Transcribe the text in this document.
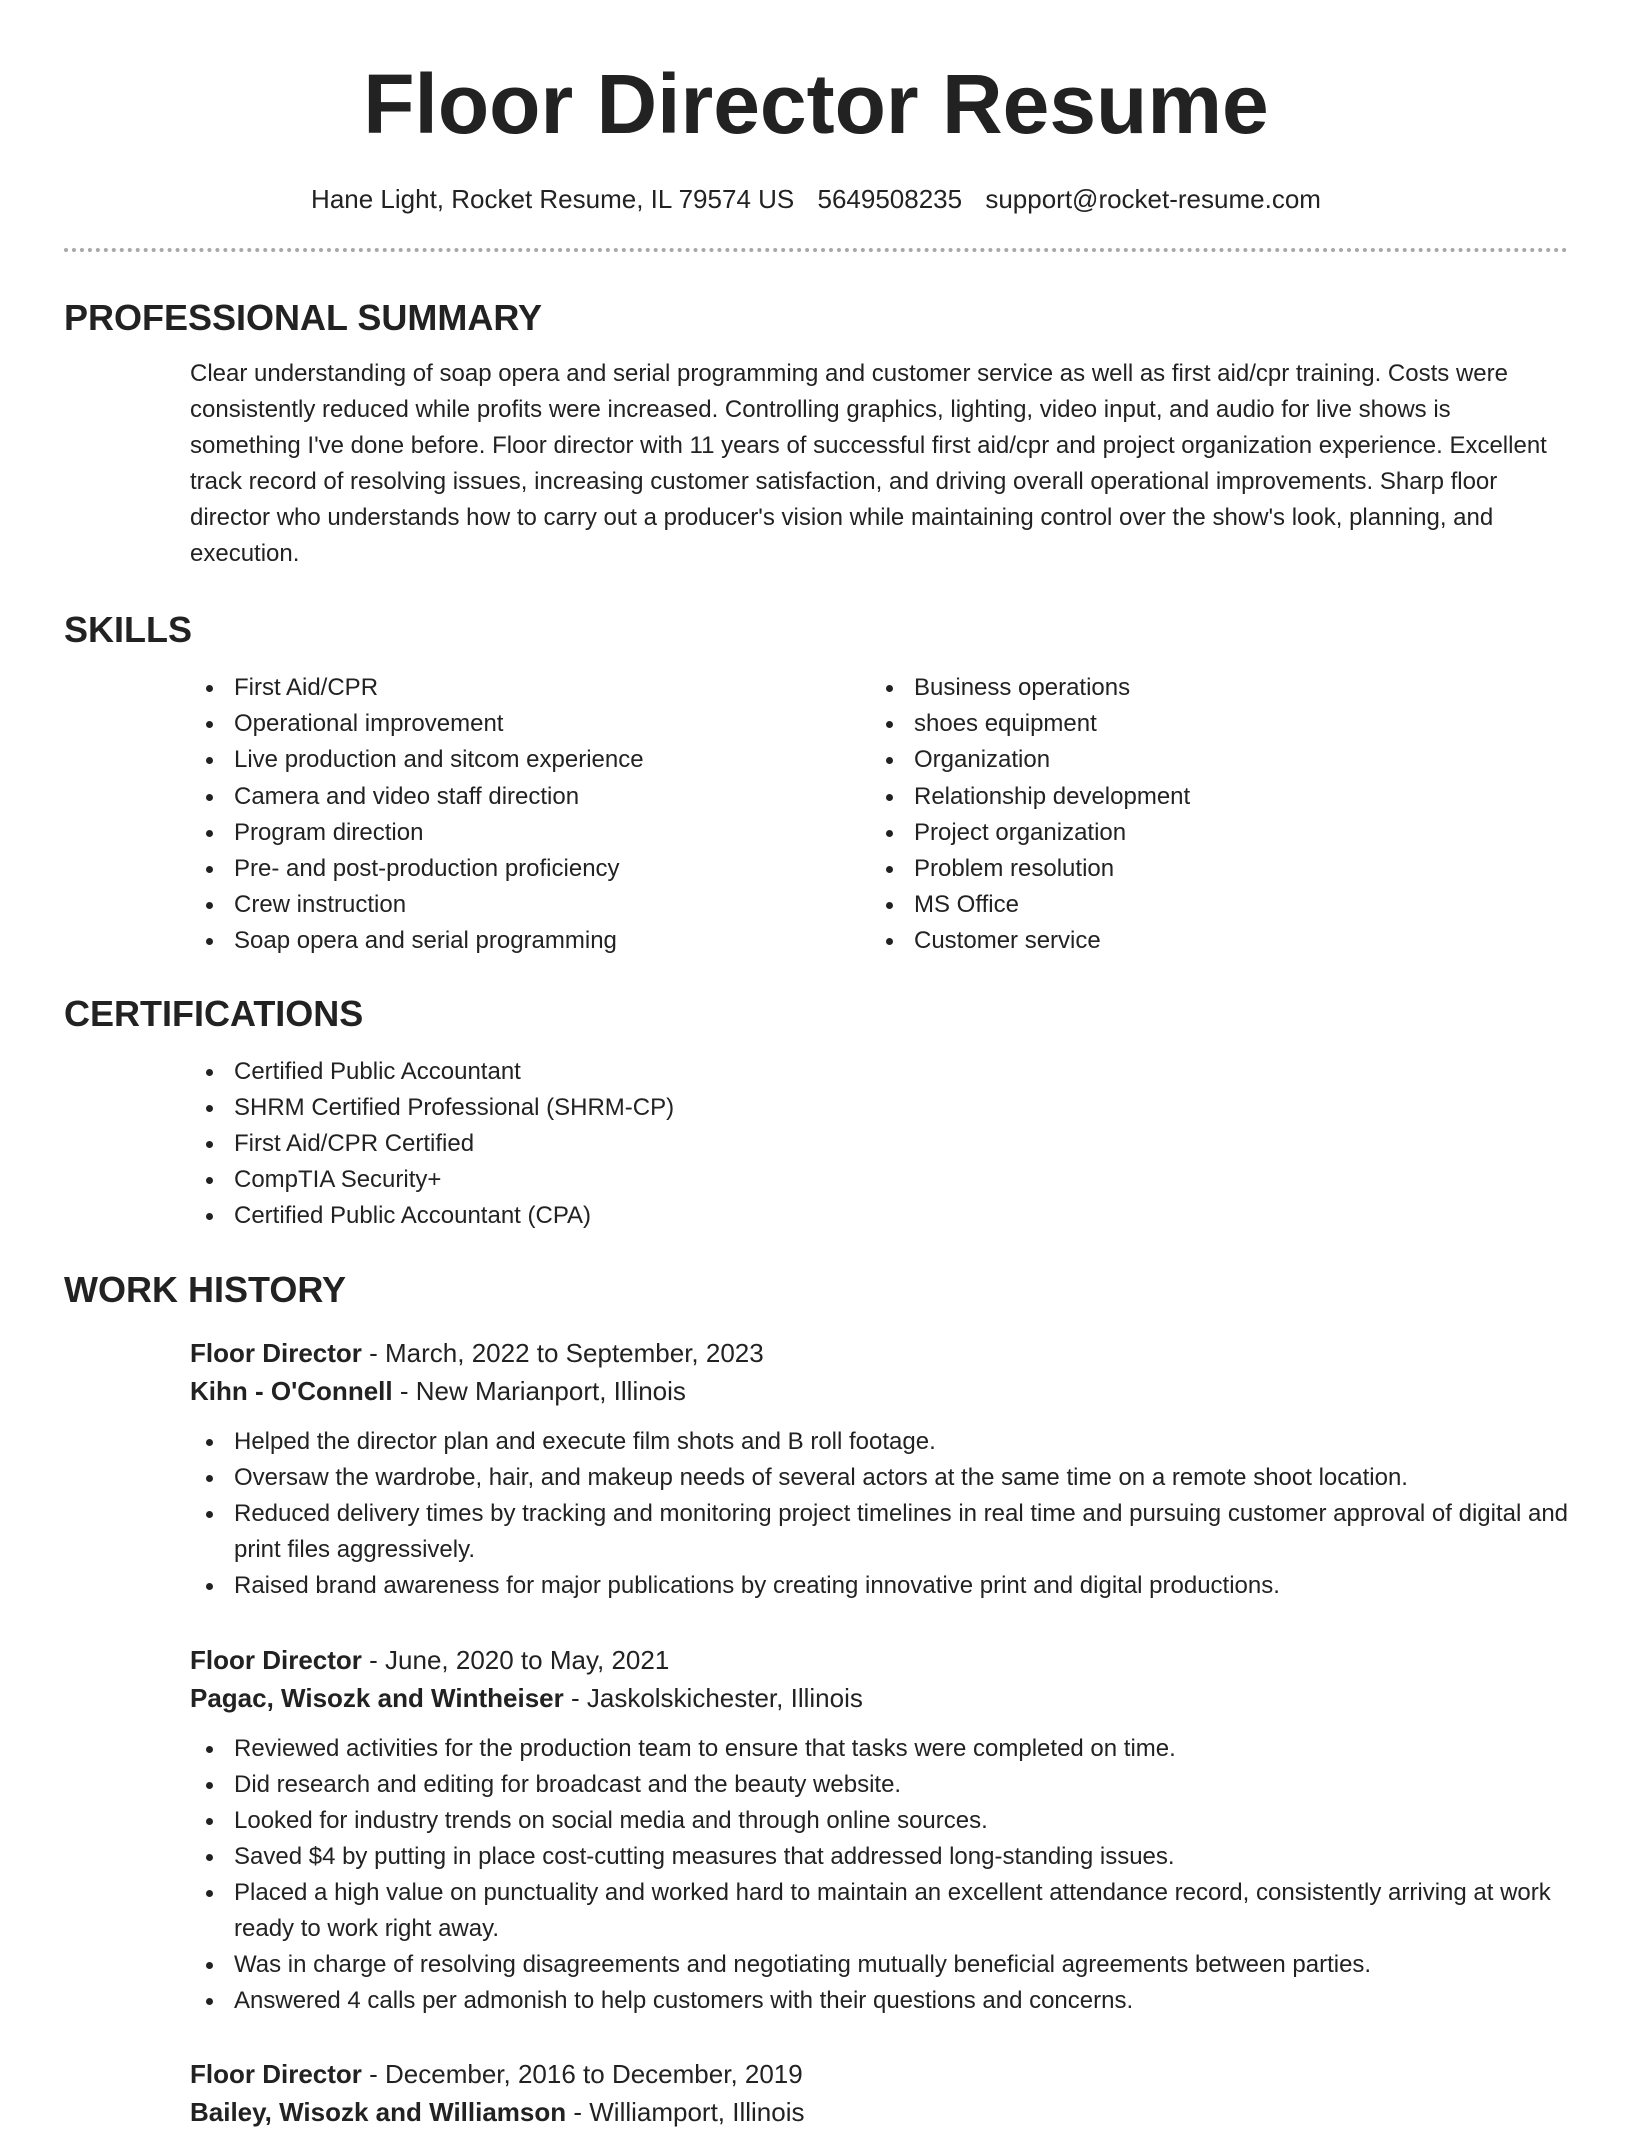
Floor Director Resume
Hane Light, Rocket Resume, IL 79574 US 5649508235 support@rocket-resume.com
PROFESSIONAL SUMMARY
Clear understanding of soap opera and serial programming and customer service as well as first aid/cpr training. Costs were consistently reduced while profits were increased. Controlling graphics, lighting, video input, and audio for live shows is something I've done before. Floor director with 11 years of successful first aid/cpr and project organization experience. Excellent track record of resolving issues, increasing customer satisfaction, and driving overall operational improvements. Sharp floor director who understands how to carry out a producer's vision while maintaining control over the show's look, planning, and execution.
SKILLS
First Aid/CPR
Operational improvement
Live production and sitcom experience
Camera and video staff direction
Program direction
Pre- and post-production proficiency
Crew instruction
Soap opera and serial programming
Business operations
shoes equipment
Organization
Relationship development
Project organization
Problem resolution
MS Office
Customer service
CERTIFICATIONS
Certified Public Accountant
SHRM Certified Professional (SHRM-CP)
First Aid/CPR Certified
CompTIA Security+
Certified Public Accountant (CPA)
WORK HISTORY
Floor Director - March, 2022 to September, 2023
Kihn - O'Connell - New Marianport, Illinois
Helped the director plan and execute film shots and B roll footage.
Oversaw the wardrobe, hair, and makeup needs of several actors at the same time on a remote shoot location.
Reduced delivery times by tracking and monitoring project timelines in real time and pursuing customer approval of digital and print files aggressively.
Raised brand awareness for major publications by creating innovative print and digital productions.
Floor Director - June, 2020 to May, 2021
Pagac, Wisozk and Wintheiser - Jaskolskichester, Illinois
Reviewed activities for the production team to ensure that tasks were completed on time.
Did research and editing for broadcast and the beauty website.
Looked for industry trends on social media and through online sources.
Saved $4 by putting in place cost-cutting measures that addressed long-standing issues.
Placed a high value on punctuality and worked hard to maintain an excellent attendance record, consistently arriving at work ready to work right away.
Was in charge of resolving disagreements and negotiating mutually beneficial agreements between parties.
Answered 4 calls per admonish to help customers with their questions and concerns.
Floor Director - December, 2016 to December, 2019
Bailey, Wisozk and Williamson - Williamport, Illinois
